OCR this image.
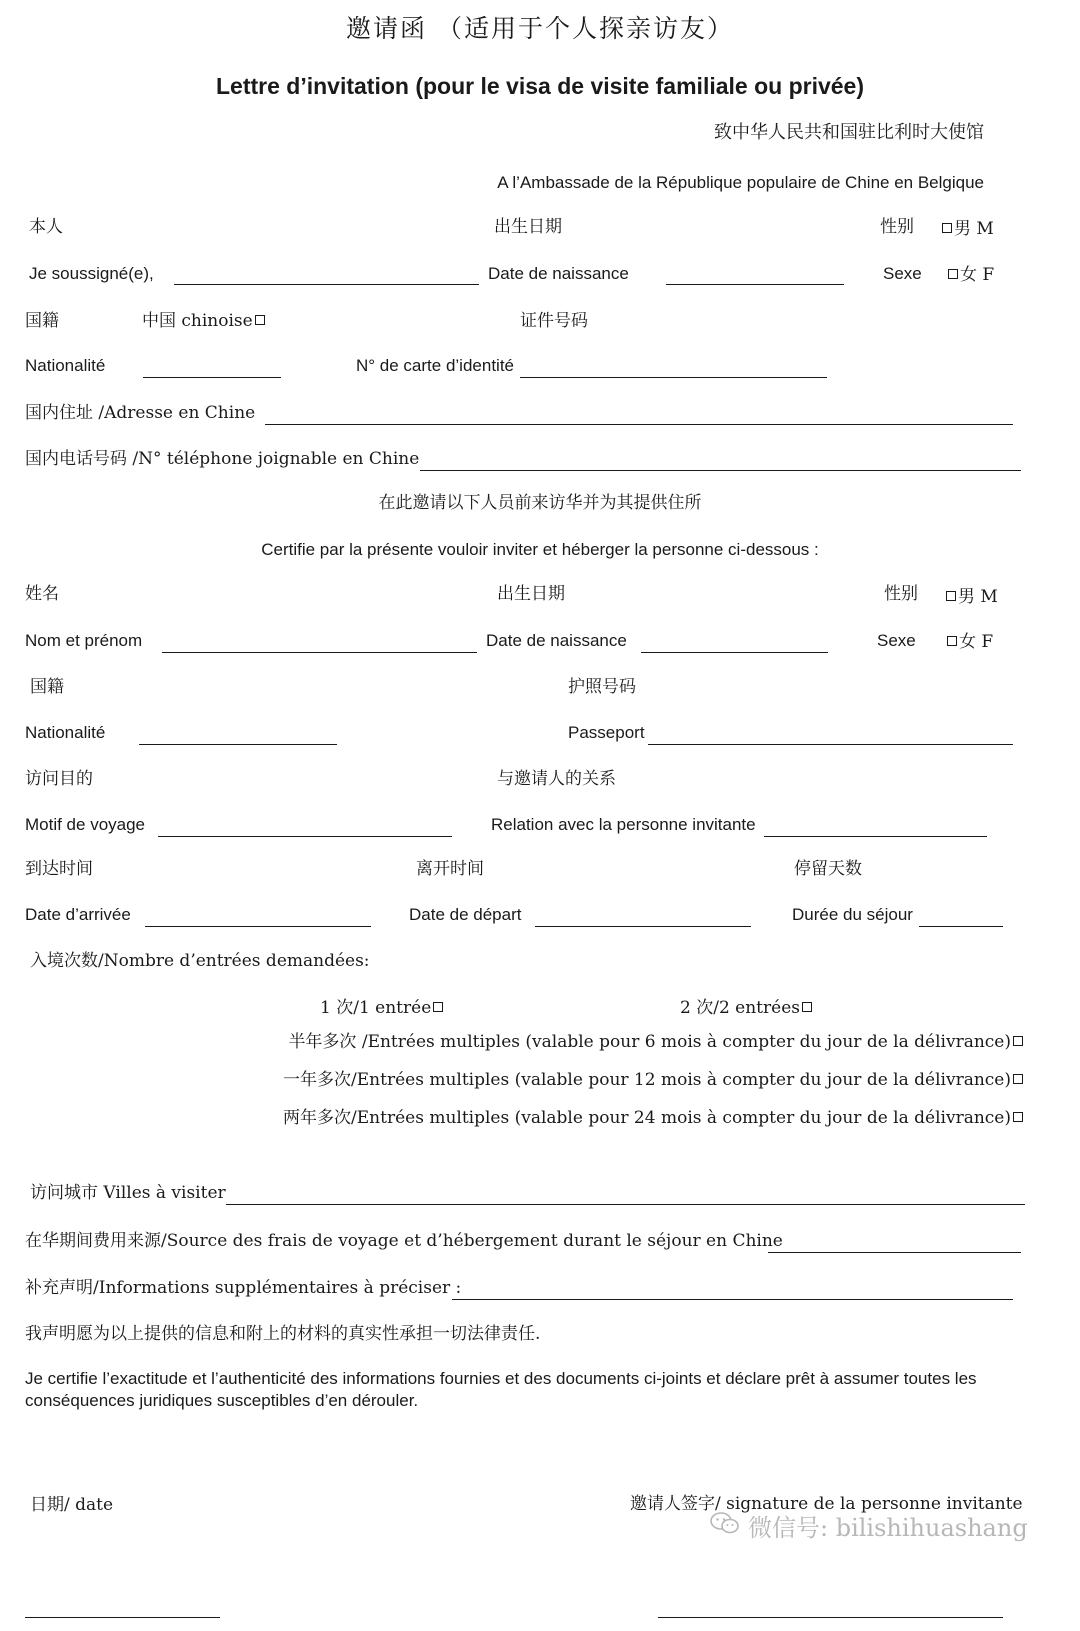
邀请函 （适用于个人探亲访友）
Lettre d’invitation (pour le visa de visite familiale ou privée)
致中华人民共和国驻比利时大使馆
A l’Ambassade de la République populaire de Chine en Belgique
本人	出生日期	性别	男 M
Je soussigné(e),	Date de naissance	Sexe	女 F
国籍	中国 chinoise	证件号码
Nationalité	N° de carte d’identité
国内住址 /Adresse en Chine
国内电话号码 /N° téléphone joignable en Chine
在此邀请以下人员前来访华并为其提供住所
Certifie par la présente vouloir inviter et héberger la personne ci-dessous :
姓名	出生日期	性别	男 M
Nom et prénom	Date de naissance	Sexe	女 F
国籍	护照号码
Nationalité	Passeport
访问目的	与邀请人的关系
Motif de voyage	Relation avec la personne invitante
到达时间	离开时间	停留天数
Date d’arrivée	Date de départ	Durée du séjour
入境次数/Nombre d’entrées demandées:
1 次/1 entrée	2 次/2 entrées
半年多次 /Entrées multiples (valable pour 6 mois à compter du jour de la délivrance)
一年多次/Entrées multiples (valable pour 12 mois à compter du jour de la délivrance)
两年多次/Entrées multiples (valable pour 24 mois à compter du jour de la délivrance)
访问城市 Villes à visiter
在华期间费用来源/Source des frais de voyage et d’hébergement durant le séjour en Chine
补充声明/Informations supplémentaires à préciser :
我声明愿为以上提供的信息和附上的材料的真实性承担一切法律责任.
Je certifie l’exactitude et l’authenticité des informations fournies et des documents ci-joints et déclare prêt à assumer toutes les conséquences juridiques susceptibles d’en dérouler.
日期/ date	邀请人签字/ signature de la personne invitante
微信号: bilishihuashang
